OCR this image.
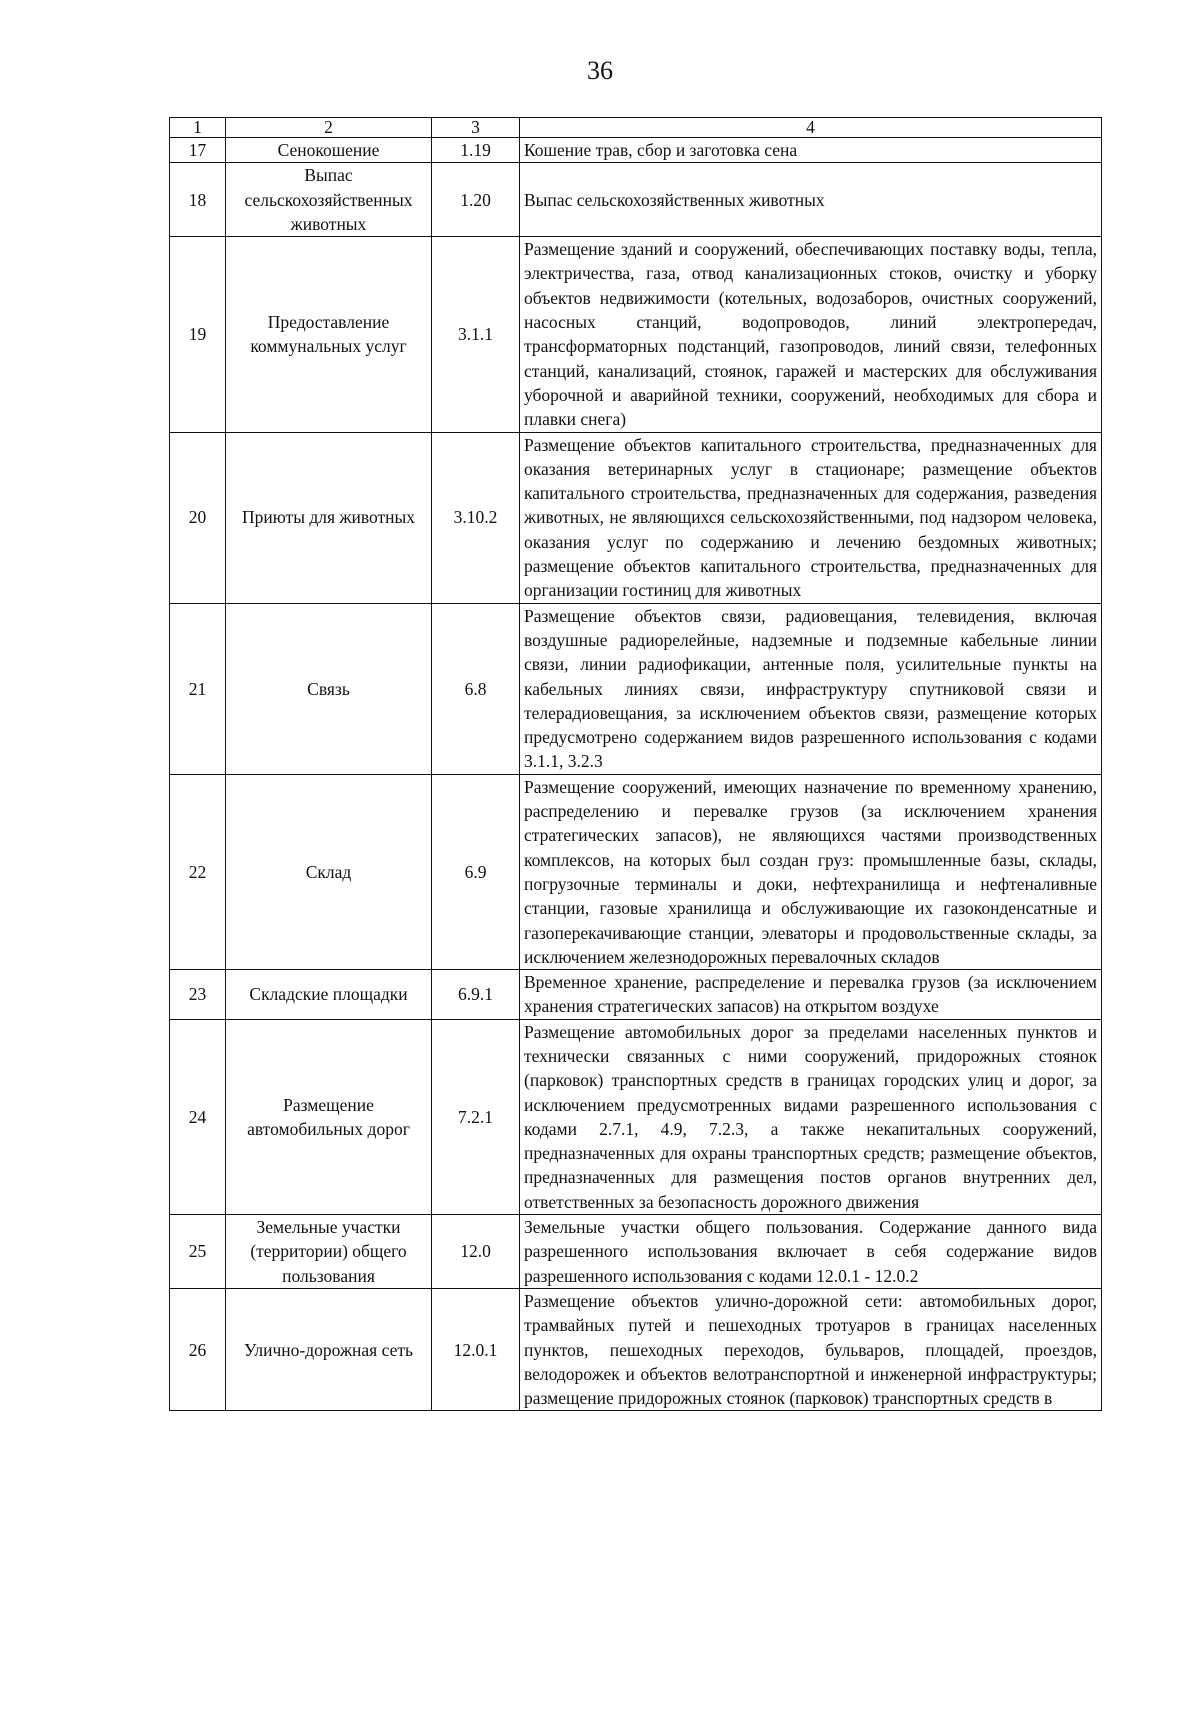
36
1	2	3	4
17	Сенокошение	1.19	Кошение трав, сбор и заготовка сена
18	Выпас сельскохозяйственных животных	1.20	Выпас сельскохозяйственных животных
19	Предоставление коммунальных услуг	3.1.1	Размещение зданий и сооружений, обеспечивающих поставку воды, тепла, электричества, газа, отвод канализационных стоков, очистку и уборку объектов недвижимости (котельных, водозаборов, очистных сооружений, насосных станций, водопроводов, линий электропередач, трансформаторных подстанций, газопроводов, линий связи, телефонных станций, канализаций, стоянок, гаражей и мастерских для обслуживания уборочной и аварийной техники, сооружений, необходимых для сбора и плавки снега)
20	Приюты для животных	3.10.2	Размещение объектов капитального строительства, предназначенных для оказания ветеринарных услуг в стационаре; размещение объектов капитального строительства, предназначенных для содержания, разведения животных, не являющихся сельскохозяйственными, под надзором человека, оказания услуг по содержанию и лечению бездомных животных; размещение объектов капитального строительства, предназначенных для организации гостиниц для животных
21	Связь	6.8	Размещение объектов связи, радиовещания, телевидения, включая воздушные радиорелейные, надземные и подземные кабельные линии связи, линии радиофикации, антенные поля, усилительные пункты на кабельных линиях связи, инфраструктуру спутниковой связи и телерадиовещания, за исключением объектов связи, размещение которых предусмотрено содержанием видов разрешенного использования с кодами 3.1.1, 3.2.3
22	Склад	6.9	Размещение сооружений, имеющих назначение по временному хранению, распределению и перевалке грузов (за исключением хранения стратегических запасов), не являющихся частями производственных комплексов, на которых был создан груз: промышленные базы, склады, погрузочные терминалы и доки, нефтехранилища и нефтеналивные станции, газовые хранилища и обслуживающие их газоконденсатные и газоперекачивающие станции, элеваторы и продовольственные склады, за исключением железнодорожных перевалочных складов
23	Складские площадки	6.9.1	Временное хранение, распределение и перевалка грузов (за исключением хранения стратегических запасов) на открытом воздухе
24	Размещение автомобильных дорог	7.2.1	Размещение автомобильных дорог за пределами населенных пунктов и технически связанных с ними сооружений, придорожных стоянок (парковок) транспортных средств в границах городских улиц и дорог, за исключением предусмотренных видами разрешенного использования с кодами 2.7.1, 4.9, 7.2.3, а также некапитальных сооружений, предназначенных для охраны транспортных средств; размещение объектов, предназначенных для размещения постов органов внутренних дел, ответственных за безопасность дорожного движения
25	Земельные участки (территории) общего пользования	12.0	Земельные участки общего пользования. Содержание данного вида разрешенного использования включает в себя содержание видов разрешенного использования с кодами 12.0.1 - 12.0.2
26	Улично-дорожная сеть	12.0.1	Размещение объектов улично-дорожной сети: автомобильных дорог, трамвайных путей и пешеходных тротуаров в границах населенных пунктов, пешеходных переходов, бульваров, площадей, проездов, велодорожек и объектов велотранспортной и инженерной инфраструктуры; размещение придорожных стоянок (парковок) транспортных средств в
